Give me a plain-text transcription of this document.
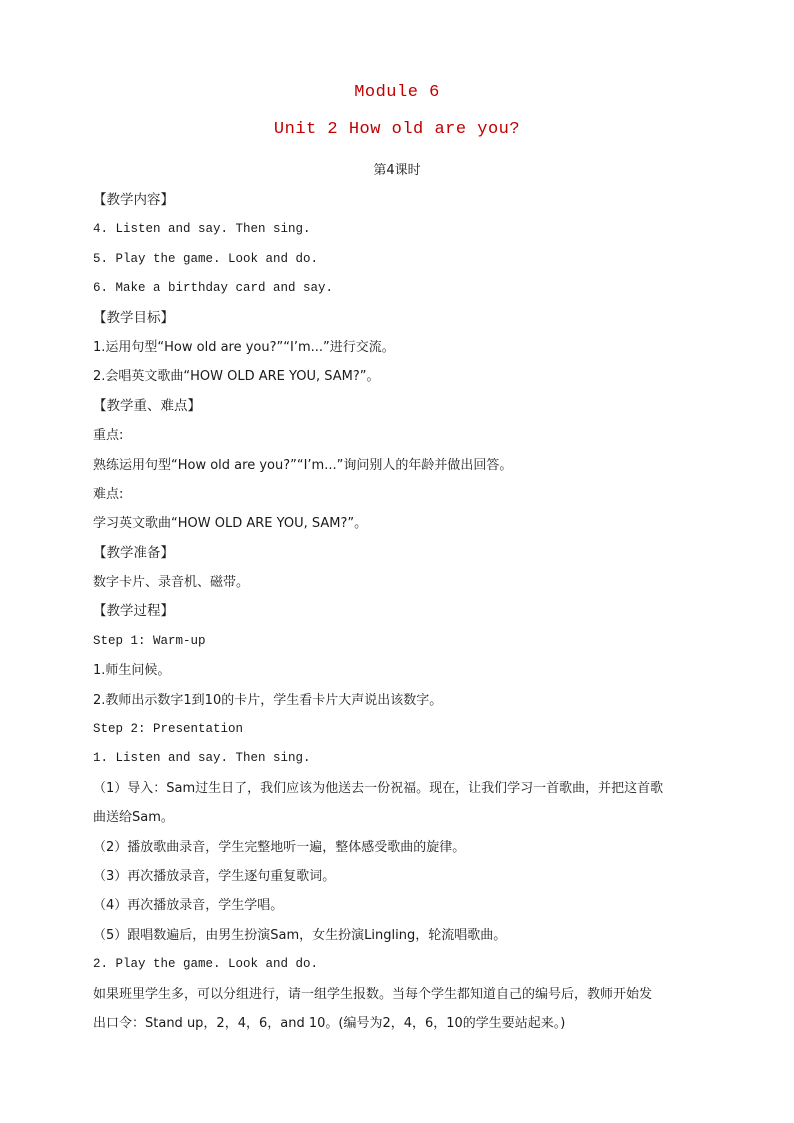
Module 6
Unit 2 How old are you?
第4课时
【教学内容】
4. Listen and say. Then sing.
5. Play the game. Look and do.
6. Make a birthday card and say.
【教学目标】
1.运用句型“How old are you?”“I’m...”进行交流。
2.会唱英文歌曲“HOW OLD ARE YOU, SAM?”。
【教学重、难点】
重点:
熟练运用句型“How old are you?”“I’m...”询问别人的年龄并做出回答。
难点:
学习英文歌曲“HOW OLD ARE YOU, SAM?”。
【教学准备】
数字卡片、录音机、磁带。
【教学过程】
Step 1: Warm-up
1.师生问候。
2.教师出示数字1到10的卡片，学生看卡片大声说出该数字。
Step 2: Presentation
1. Listen and say. Then sing.
（1）导入：Sam过生日了，我们应该为他送去一份祝福。现在，让我们学习一首歌曲，并把这首歌
曲送给Sam。
（2）播放歌曲录音，学生完整地听一遍，整体感受歌曲的旋律。
（3）再次播放录音，学生逐句重复歌词。
（4）再次播放录音，学生学唱。
（5）跟唱数遍后，由男生扮演Sam，女生扮演Lingling，轮流唱歌曲。
2. Play the game. Look and do.
如果班里学生多，可以分组进行，请一组学生报数。当每个学生都知道自己的编号后，教师开始发
出口令：Stand up，2，4，6，and 10。(编号为2，4，6，10的学生要站起来。)
